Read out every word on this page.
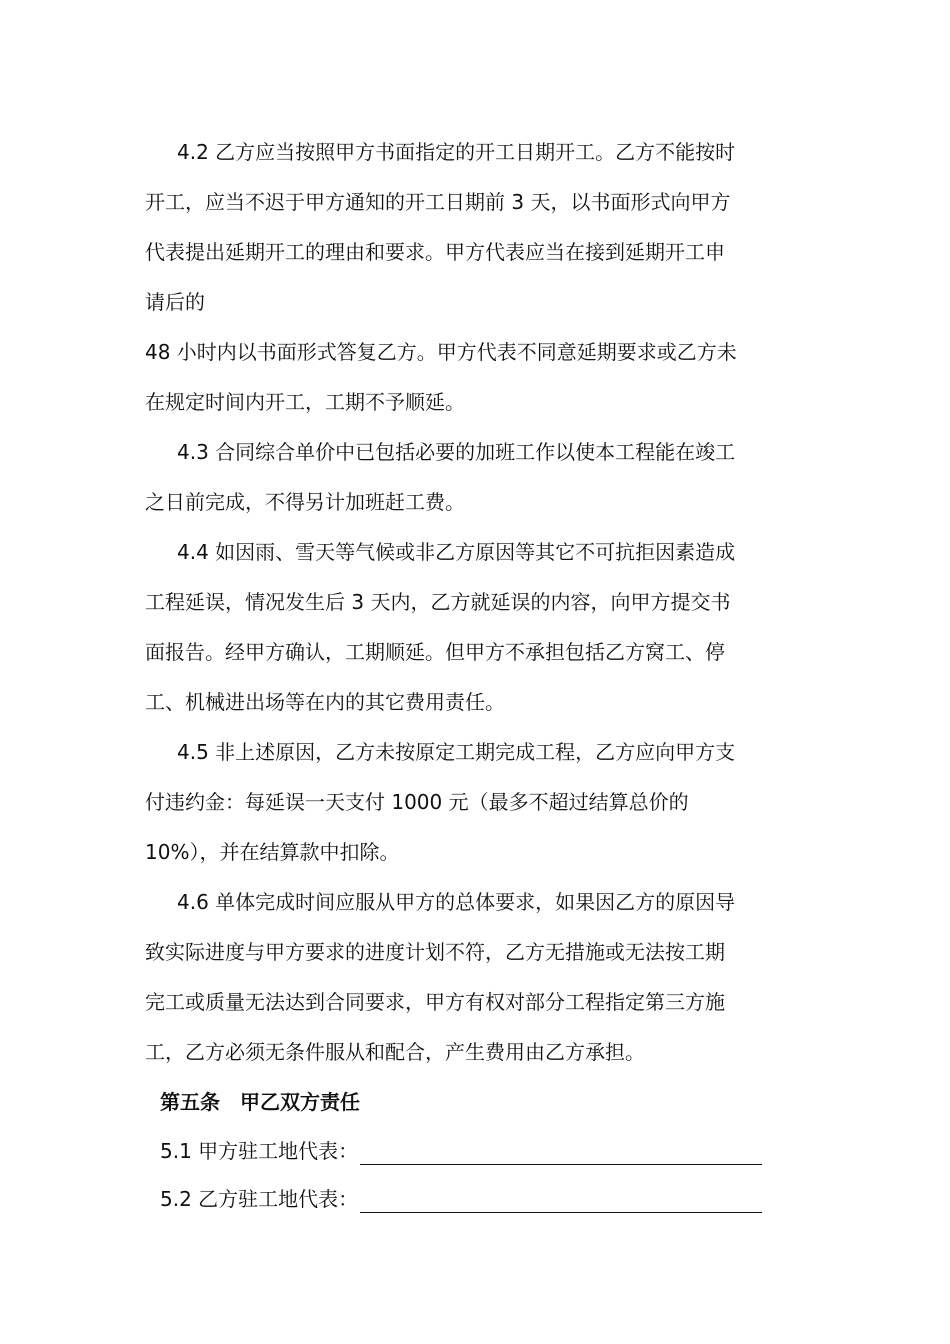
4.2 乙方应当按照甲方书面指定的开工日期开工。乙方不能按时
开工，应当不迟于甲方通知的开工日期前 3 天，以书面形式向甲方
代表提出延期开工的理由和要求。甲方代表应当在接到延期开工申
请后的
48 小时内以书面形式答复乙方。甲方代表不同意延期要求或乙方未
在规定时间内开工，工期不予顺延。
4.3 合同综合单价中已包括必要的加班工作以使本工程能在竣工
之日前完成，不得另计加班赶工费。
4.4 如因雨、雪天等气候或非乙方原因等其它不可抗拒因素造成
工程延误，情况发生后 3 天内，乙方就延误的内容，向甲方提交书
面报告。经甲方确认，工期顺延。但甲方不承担包括乙方窝工、停
工、机械进出场等在内的其它费用责任。
4.5 非上述原因，乙方未按原定工期完成工程，乙方应向甲方支
付违约金：每延误一天支付 1000 元（最多不超过结算总价的
10%），并在结算款中扣除。
4.6 单体完成时间应服从甲方的总体要求，如果因乙方的原因导
致实际进度与甲方要求的进度计划不符，乙方无措施或无法按工期
完工或质量无法达到合同要求，甲方有权对部分工程指定第三方施
工，乙方必须无条件服从和配合，产生费用由乙方承担。
第五条　甲乙双方责任
5.1 甲方驻工地代表：
5.2 乙方驻工地代表：
